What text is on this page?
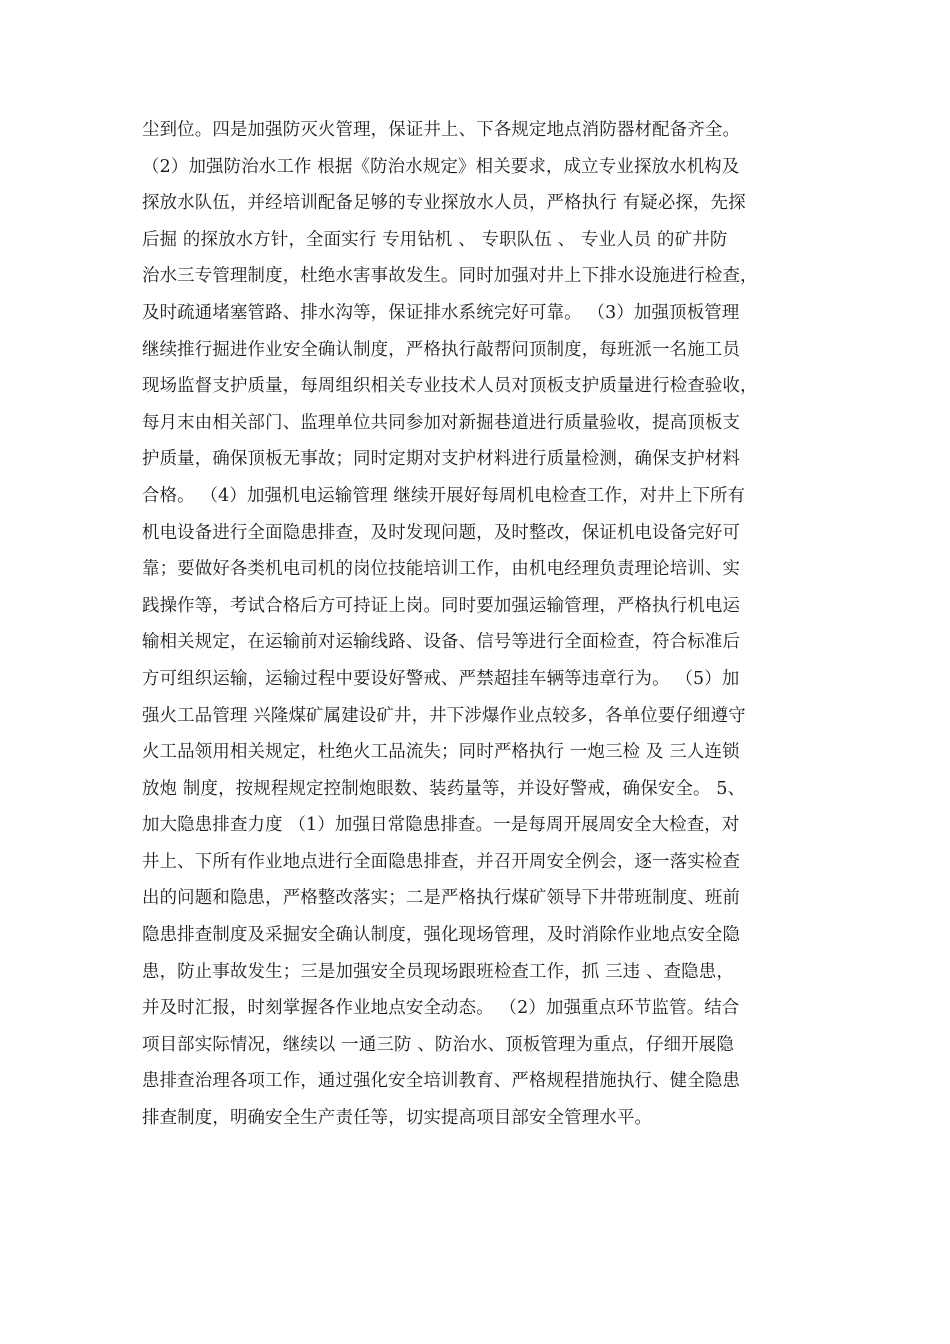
尘到位。四是加强防灭火管理，保证井上、下各规定地点消防器材配备齐全。
（2）加强防治水工作 根据《防治水规定》相关要求，成立专业探放水机构及
探放水队伍，并经培训配备足够的专业探放水人员，严格执行 有疑必探，先探
后掘 的探放水方针，全面实行 专用钻机 、 专职队伍 、 专业人员 的矿井防
治水三专管理制度，杜绝水害事故发生。同时加强对井上下排水设施进行检查，
及时疏通堵塞管路、排水沟等，保证排水系统完好可靠。 （3）加强顶板管理
继续推行掘进作业安全确认制度，严格执行敲帮问顶制度，每班派一名施工员
现场监督支护质量，每周组织相关专业技术人员对顶板支护质量进行检查验收，
每月末由相关部门、监理单位共同参加对新掘巷道进行质量验收，提高顶板支
护质量，确保顶板无事故；同时定期对支护材料进行质量检测，确保支护材料
合格。 （4）加强机电运输管理 继续开展好每周机电检查工作，对井上下所有
机电设备进行全面隐患排查，及时发现问题，及时整改，保证机电设备完好可
靠；要做好各类机电司机的岗位技能培训工作，由机电经理负责理论培训、实
践操作等，考试合格后方可持证上岗。同时要加强运输管理，严格执行机电运
输相关规定，在运输前对运输线路、设备、信号等进行全面检查，符合标准后
方可组织运输，运输过程中要设好警戒、严禁超挂车辆等违章行为。 （5）加
强火工品管理 兴隆煤矿属建设矿井，井下涉爆作业点较多，各单位要仔细遵守
火工品领用相关规定，杜绝火工品流失；同时严格执行 一炮三检 及 三人连锁
放炮 制度，按规程规定控制炮眼数、装药量等，并设好警戒，确保安全。 5、
加大隐患排查力度 （1）加强日常隐患排查。一是每周开展周安全大检查，对
井上、下所有作业地点进行全面隐患排查，并召开周安全例会，逐一落实检查
出的问题和隐患，严格整改落实；二是严格执行煤矿领导下井带班制度、班前
隐患排查制度及采掘安全确认制度，强化现场管理，及时消除作业地点安全隐
患，防止事故发生；三是加强安全员现场跟班检查工作，抓 三违 、查隐患，
并及时汇报，时刻掌握各作业地点安全动态。 （2）加强重点环节监管。结合
项目部实际情况，继续以 一通三防 、防治水、顶板管理为重点，仔细开展隐
患排查治理各项工作，通过强化安全培训教育、严格规程措施执行、健全隐患
排查制度，明确安全生产责任等，切实提高项目部安全管理水平。
